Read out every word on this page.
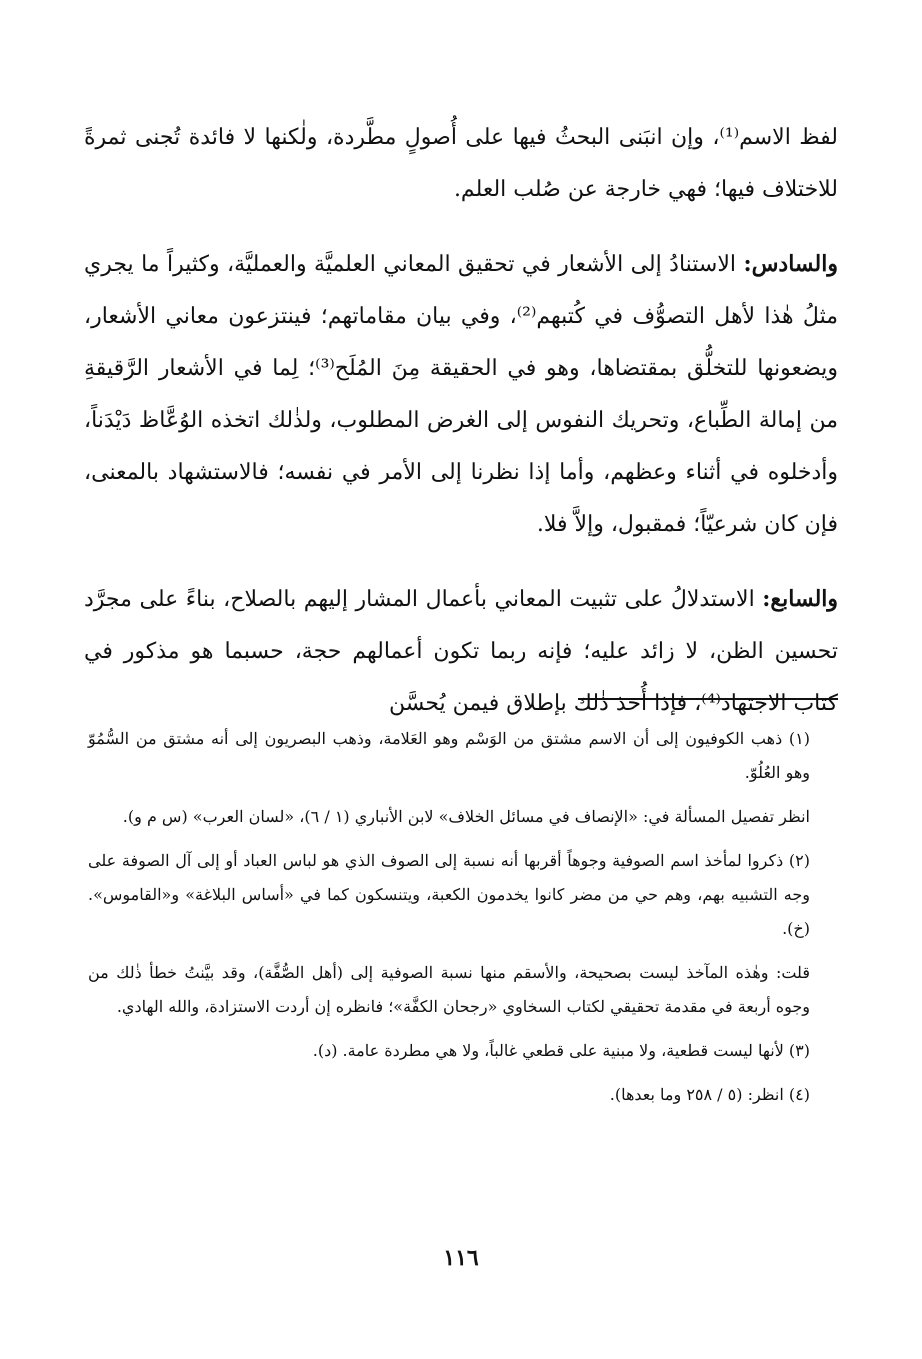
لفظ الاسم⁽¹⁾، وإن انبَنى البحثُ فيها على أُصولٍ مطَّردة، ولٰكنها لا فائدة تُجنى ثمرةً للاختلاف فيها؛ فهي خارجة عن صُلب العلم.

والسادس: الاستنادُ إلى الأشعار في تحقيق المعاني العلميَّة والعمليَّة، وكثيراً ما يجري مثلُ هٰذا لأهل التصوُّف في كُتبهم⁽²⁾، وفي بيان مقاماتهم؛ فينتزعون معاني الأشعار، ويضعونها للتخلُّق بمقتضاها، وهو في الحقيقة مِنَ المُلَح⁽³⁾؛ لِما في الأشعار الرَّقيقةِ من إمالة الطِّباع، وتحريك النفوس إلى الغرض المطلوب، ولذٰلك اتخذه الوُعَّاظ دَيْدَناً، وأدخلوه في أثناء وعظهم، وأما إذا نظرنا إلى الأمر في نفسه؛ فالاستشهاد بالمعنى، فإن كان شرعيّاً؛ فمقبول، وإلاَّ فلا.

والسابع: الاستدلالُ على تثبيت المعاني بأعمال المشار إليهم بالصلاح، بناءً على مجرَّد تحسين الظن، لا زائد عليه؛ فإنه ربما تكون أعمالهم حجة، حسبما هو مذكور في كتاب الاجتهاد⁽⁴⁾، فإذا أُخذ ذٰلك بإطلاق فيمن يُحسَّن

(١) ذهب الكوفيون إلى أن الاسم مشتق من الوَسْم وهو العَلامة، وذهب البصريون إلى أنه مشتق من السُّمُوّ وهو العُلُوّ.

انظر تفصيل المسألة في: «الإنصاف في مسائل الخلاف» لابن الأنباري (١ / ٦)، «لسان العرب» (س م و).

(٢) ذكروا لمأخذ اسم الصوفية وجوهاً أقربها أنه نسبة إلى الصوف الذي هو لباس العباد أو إلى آل الصوفة على وجه التشبيه بهم، وهم حي من مضر كانوا يخدمون الكعبة، ويتنسكون كما في «أساس البلاغة» و«القاموس». (خ).

قلت: وهٰذه المآخذ ليست بصحيحة، والأسقم منها نسبة الصوفية إلى (أهل الصُّفَّة)، وقد بيَّنتُ خطأ ذٰلك من وجوه أربعة في مقدمة تحقيقي لكتاب السخاوي «رجحان الكفَّة»؛ فانظره إن أردت الاستزادة، والله الهادي.

(٣) لأنها ليست قطعية، ولا مبنية على قطعي غالباً، ولا هي مطردة عامة. (د).

(٤) انظر: (٥ / ٢٥٨ وما بعدها).

١١٦
